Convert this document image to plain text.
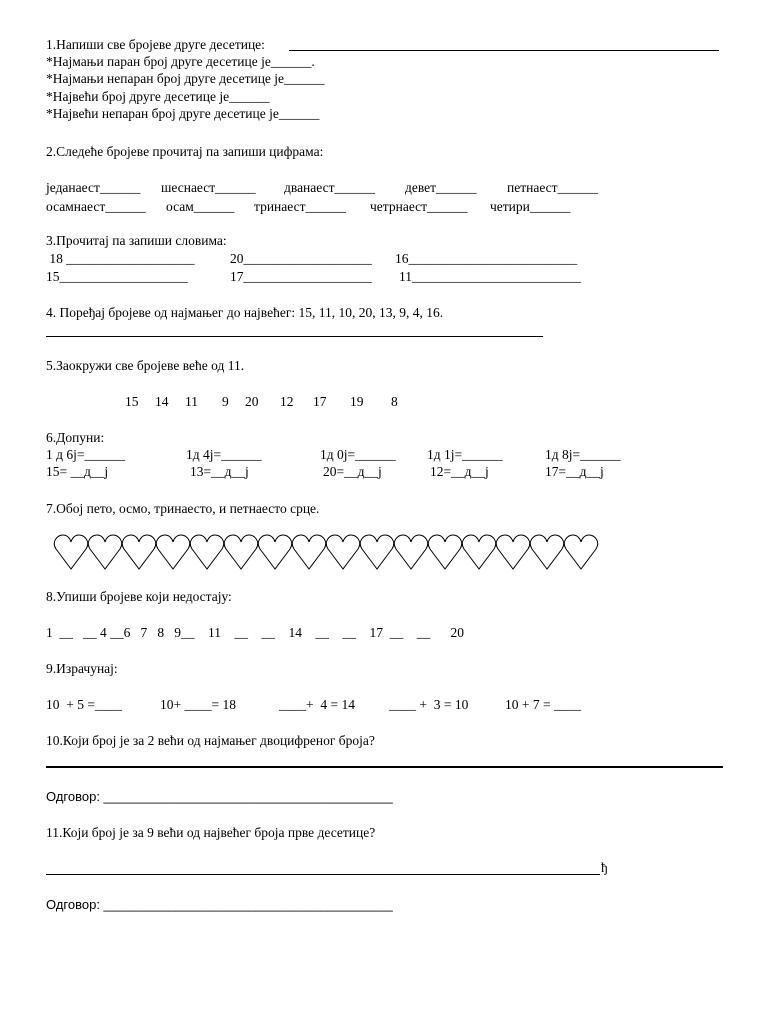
1.Напиши све бројеве друге десетице:
*Најмањи паран број друге десетице је______.
*Најмањи непаран број друге десетице је______
*Највећи број друге десетице је______
*Највећи непаран број друге десетице је______
2.Следеће бројеве прочитај па запиши цифрама:
једанаест______ шеснаест______ дванаест______ девет______ петнаест______
осамнаест______ осам______ тринаест______ четрнаест______ четири______
3.Прочитај па запиши словима:
18 ___________________	20___________________ 16_________________________
15___________________	17___________________ 11_________________________
4. Поређај бројеве од најмањег до највећег: 15, 11, 10, 20, 13, 9, 4, 16.
5.Заокружи све бројеве веће од 11.
15 14 11 9 20 12 17 19 8
6.Допуни:
1 д 6ј=______	1д 4ј=______	1д 0ј=______ 1д 1ј=______	1д 8ј=______
15= __д__ј	13=__д__ј	20=__д__ј	12=__д__ј	17=__д__ј
7.Обој пето, осмо, тринаесто, и петнаесто срце.
8.Упиши бројеве који недостају:
1  __   __ 4 __6   7   8   9__    11    __    __    14    __    __    17  __    __      20
9.Израчунај:
10  + 5 =____	10+ ____= 18	____+  4 = 14	____ +  3 = 10	10 + 7 = ____
10.Који број је за 2 већи од најмањег двоцифреног броја?
Одговор: ________________________________________
11.Који број је за 9 већи од највећег броја прве десетице?
ђ
Одговор: ________________________________________
